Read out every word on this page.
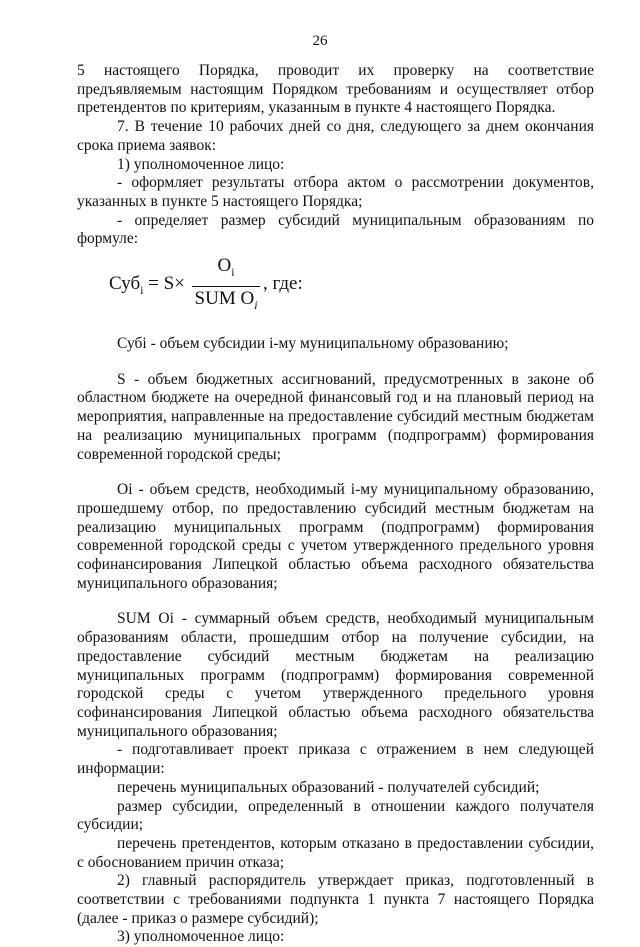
26

5 настоящего Порядка, проводит их проверку на соответствие предъявляемым настоящим Порядком требованиям и осуществляет отбор претендентов по критериям, указанным в пункте 4 настоящего Порядка.

7. В течение 10 рабочих дней со дня, следующего за днем окончания срока приема заявок:

1) уполномоченное лицо:

- оформляет результаты отбора актом о рассмотрении документов, указанных в пункте 5 настоящего Порядка;

- определяет размер субсидий муниципальным образованиям по формуле:

Суб$_i$ = S×
$O_i$
SUM $O_i$
, где:

Субi - объем субсидии i-му муниципальному образованию;

S - объем бюджетных ассигнований, предусмотренных в законе об областном бюджете на очередной финансовый год и на плановый период на мероприятия, направленные на предоставление субсидий местным бюджетам на реализацию муниципальных программ (подпрограмм) формирования современной городской среды;

Оi - объем средств, необходимый i-му муниципальному образованию, прошедшему отбор, по предоставлению субсидий местным бюджетам на реализацию муниципальных программ (подпрограмм) формирования современной городской среды с учетом утвержденного предельного уровня софинансирования Липецкой областью объема расходного обязательства муниципального образования;

SUM Оi - суммарный объем средств, необходимый муниципальным образованиям области, прошедшим отбор на получение субсидии, на предоставление субсидий местным бюджетам на реализацию муниципальных программ (подпрограмм) формирования современной городской среды с учетом утвержденного предельного уровня софинансирования Липецкой областью объема расходного обязательства муниципального образования;

- подготавливает проект приказа с отражением в нем следующей информации:

перечень муниципальных образований - получателей субсидий;

размер субсидии, определенный в отношении каждого получателя субсидии;

перечень претендентов, которым отказано в предоставлении субсидии, с обоснованием причин отказа;

2) главный распорядитель утверждает приказ, подготовленный в соответствии с требованиями подпункта 1 пункта 7 настоящего Порядка (далее - приказ о размере субсидий);

3) уполномоченное лицо:
